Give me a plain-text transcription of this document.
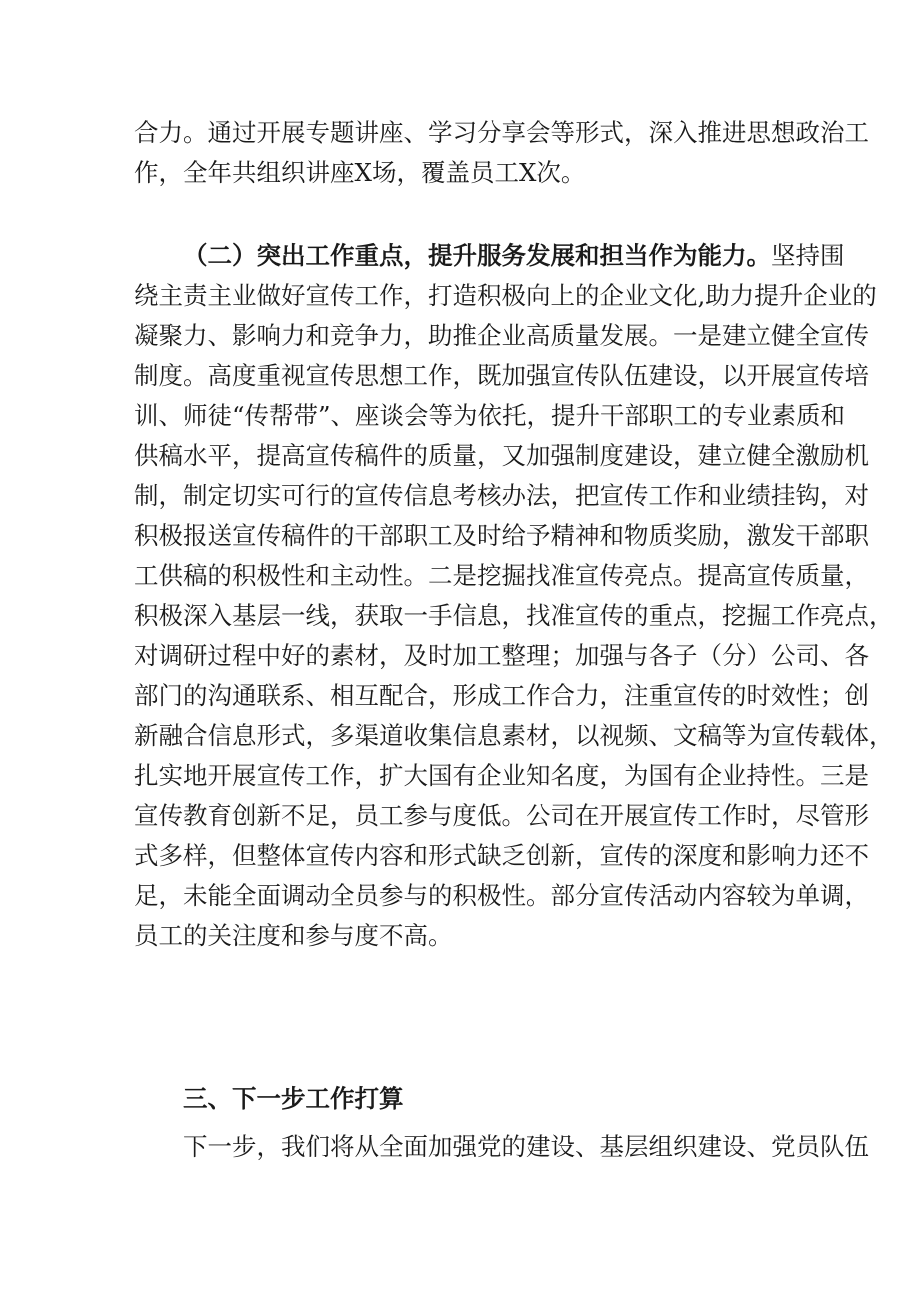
合力。通过开展专题讲座、学习分享会等形式，深入推进思想政治工
作，全年共组织讲座X场，覆盖员工X次。
（二）突出工作重点，提升服务发展和担当作为能力。坚持围
绕主责主业做好宣传工作，打造积极向上的企业文化,助力提升企业的
凝聚力、影响力和竞争力，助推企业高质量发展。一是建立健全宣传
制度。高度重视宣传思想工作，既加强宣传队伍建设，以开展宣传培
训、师徒“传帮带”、座谈会等为依托，提升干部职工的专业素质和
供稿水平，提高宣传稿件的质量，又加强制度建设，建立健全激励机
制，制定切实可行的宣传信息考核办法，把宣传工作和业绩挂钩，对
积极报送宣传稿件的干部职工及时给予精神和物质奖励，激发干部职
工供稿的积极性和主动性。二是挖掘找准宣传亮点。提高宣传质量，
积极深入基层一线，获取一手信息，找准宣传的重点，挖掘工作亮点，
对调研过程中好的素材，及时加工整理；加强与各子（分）公司、各
部门的沟通联系、相互配合，形成工作合力，注重宣传的时效性；创
新融合信息形式，多渠道收集信息素材，以视频、文稿等为宣传载体，
扎实地开展宣传工作，扩大国有企业知名度，为国有企业持性。三是
宣传教育创新不足，员工参与度低。公司在开展宣传工作时，尽管形
式多样，但整体宣传内容和形式缺乏创新，宣传的深度和影响力还不
足，未能全面调动全员参与的积极性。部分宣传活动内容较为单调，
员工的关注度和参与度不高。
三、下一步工作打算
下一步，我们将从全面加强党的建设、基层组织建设、党员队伍
